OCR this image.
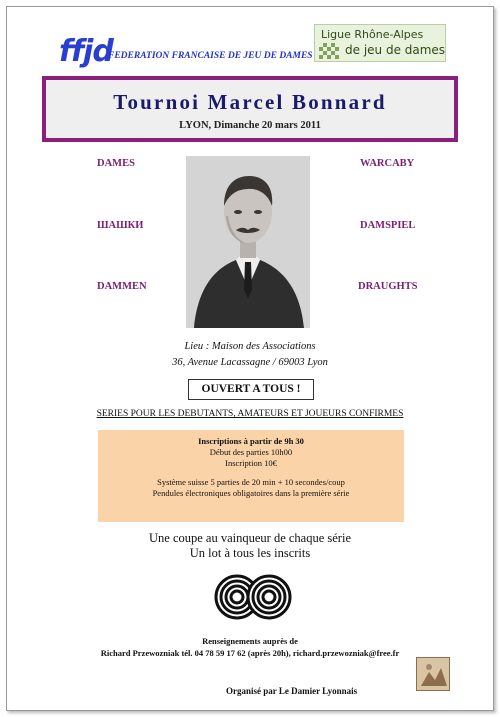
ffjd
FEDERATION FRANCAISE DE JEU DE DAMES
Ligue Rhône-Alpes
de jeu de dames
Tournoi Marcel Bonnard
LYON, Dimanche 20 mars 2011
DAMES
ШАШКИ
DAMMEN
WARCABY
DAMSPIEL
DRAUGHTS
Lieu : Maison des Associations
36, Avenue Lacassagne / 69003 Lyon
OUVERT A TOUS !
SERIES POUR LES DEBUTANTS, AMATEURS ET JOUEURS CONFIRMES
Inscriptions à partir de 9h 30
Début des parties 10h00
Inscription 10€
Système suisse 5 parties de 20 min + 10 secondes/coup
Pendules électroniques obligatoires dans la première série
Une coupe au vainqueur de chaque série
Un lot à tous les inscrits
Renseignements auprès de
Richard Przewozniak tél. 04 78 59 17 62 (après 20h), richard.przewozniak@free.fr
Organisé par Le Damier Lyonnais
